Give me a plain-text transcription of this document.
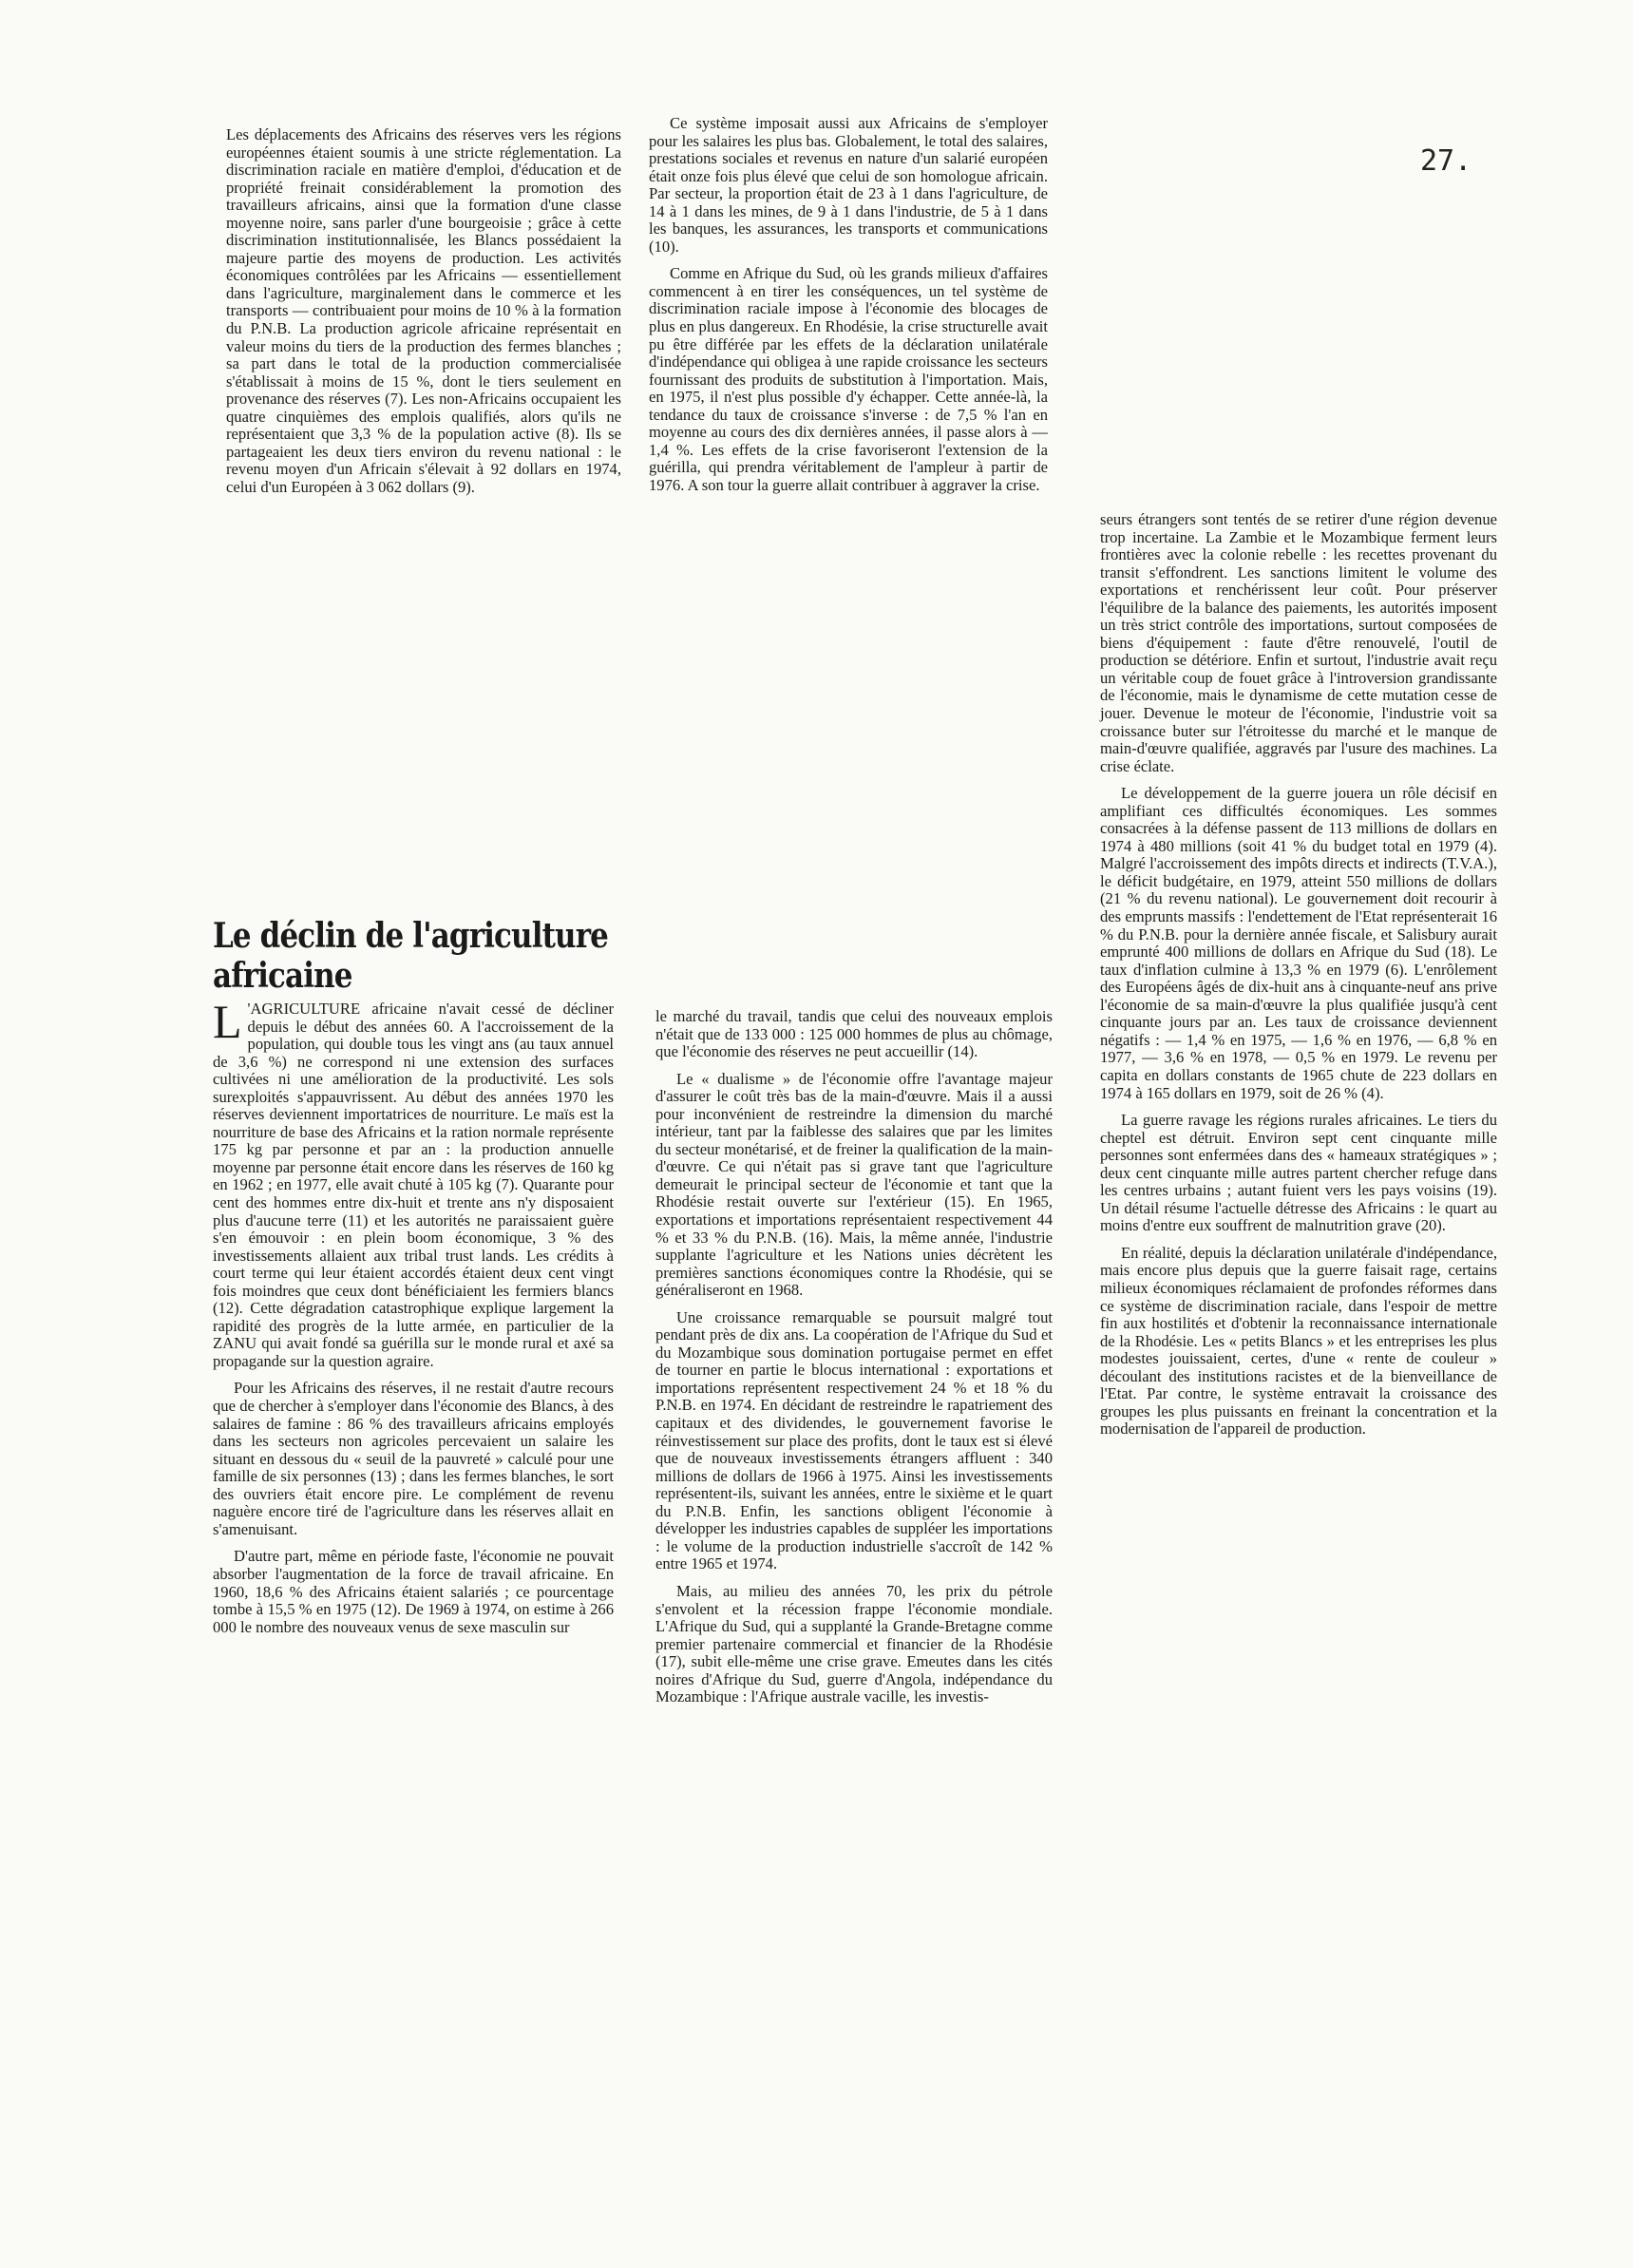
27.

Les déplacements des Africains des réserves vers les régions européennes étaient soumis à une stricte réglementation. La discrimination raciale en matière d'emploi, d'éducation et de propriété freinait considérablement la promotion des travailleurs africains, ainsi que la formation d'une classe moyenne noire, sans parler d'une bourgeoisie ; grâce à cette discrimination institutionnalisée, les Blancs possédaient la majeure partie des moyens de production. Les activités économiques contrôlées par les Africains — essentiellement dans l'agriculture, marginalement dans le commerce et les transports — contribuaient pour moins de 10 % à la formation du P.N.B. La production agricole africaine représentait en valeur moins du tiers de la production des fermes blanches ; sa part dans le total de la production commercialisée s'établissait à moins de 15 %, dont le tiers seulement en provenance des réserves (7). Les non-Africains occupaient les quatre cinquièmes des emplois qualifiés, alors qu'ils ne représentaient que 3,3 % de la population active (8). Ils se partageaient les deux tiers environ du revenu national : le revenu moyen d'un Africain s'élevait à 92 dollars en 1974, celui d'un Européen à 3 062 dollars (9).

Ce système imposait aussi aux Africains de s'employer pour les salaires les plus bas. Globalement, le total des salaires, prestations sociales et revenus en nature d'un salarié européen était onze fois plus élevé que celui de son homologue africain. Par secteur, la proportion était de 23 à 1 dans l'agriculture, de 14 à 1 dans les mines, de 9 à 1 dans l'industrie, de 5 à 1 dans les banques, les assurances, les transports et communications (10).

Comme en Afrique du Sud, où les grands milieux d'affaires commencent à en tirer les conséquences, un tel système de discrimination raciale impose à l'économie des blocages de plus en plus dangereux. En Rhodésie, la crise structurelle avait pu être différée par les effets de la déclaration unilatérale d'indépendance qui obligea à une rapide croissance les secteurs fournissant des produits de substitution à l'importation. Mais, en 1975, il n'est plus possible d'y échapper. Cette année-là, la tendance du taux de croissance s'inverse : de 7,5 % l'an en moyenne au cours des dix dernières années, il passe alors à — 1,4 %. Les effets de la crise favoriseront l'extension de la guérilla, qui prendra véritablement de l'ampleur à partir de 1976. A son tour la guerre allait contribuer à aggraver la crise.

seurs étrangers sont tentés de se retirer d'une région devenue trop incertaine. La Zambie et le Mozambique ferment leurs frontières avec la colonie rebelle : les recettes provenant du transit s'effondrent. Les sanctions limitent le volume des exportations et renchérissent leur coût. Pour préserver l'équilibre de la balance des paiements, les autorités imposent un très strict contrôle des importations, surtout composées de biens d'équipement : faute d'être renouvelé, l'outil de production se détériore. Enfin et surtout, l'industrie avait reçu un véritable coup de fouet grâce à l'introversion grandissante de l'économie, mais le dynamisme de cette mutation cesse de jouer. Devenue le moteur de l'économie, l'industrie voit sa croissance buter sur l'étroitesse du marché et le manque de main-d'œuvre qualifiée, aggravés par l'usure des machines. La crise éclate.

Le développement de la guerre jouera un rôle décisif en amplifiant ces difficultés économiques. Les sommes consacrées à la défense passent de 113 millions de dollars en 1974 à 480 millions (soit 41 % du budget total en 1979 (4). Malgré l'accroissement des impôts directs et indirects (T.V.A.), le déficit budgétaire, en 1979, atteint 550 millions de dollars (21 % du revenu national). Le gouvernement doit recourir à des emprunts massifs : l'endettement de l'Etat représenterait 16 % du P.N.B. pour la dernière année fiscale, et Salisbury aurait emprunté 400 millions de dollars en Afrique du Sud (18). Le taux d'inflation culmine à 13,3 % en 1979 (6). L'enrôlement des Européens âgés de dix-huit ans à cinquante-neuf ans prive l'économie de sa main-d'œuvre la plus qualifiée jusqu'à cent cinquante jours par an. Les taux de croissance deviennent négatifs : — 1,4 % en 1975, — 1,6 % en 1976, — 6,8 % en 1977, — 3,6 % en 1978, — 0,5 % en 1979. Le revenu per capita en dollars constants de 1965 chute de 223 dollars en 1974 à 165 dollars en 1979, soit de 26 % (4).

La guerre ravage les régions rurales africaines. Le tiers du cheptel est détruit. Environ sept cent cinquante mille personnes sont enfermées dans des « hameaux stratégiques » ; deux cent cinquante mille autres partent chercher refuge dans les centres urbains ; autant fuient vers les pays voisins (19). Un détail résume l'actuelle détresse des Africains : le quart au moins d'entre eux souffrent de malnutrition grave (20).

En réalité, depuis la déclaration unilatérale d'indépendance, mais encore plus depuis que la guerre faisait rage, certains milieux économiques réclamaient de profondes réformes dans ce système de discrimination raciale, dans l'espoir de mettre fin aux hostilités et d'obtenir la reconnaissance internationale de la Rhodésie. Les « petits Blancs » et les entreprises les plus modestes jouissaient, certes, d'une « rente de couleur » découlant des institutions racistes et de la bienveillance de l'Etat. Par contre, le système entravait la croissance des groupes les plus puissants en freinant la concentration et la modernisation de l'appareil de production.

Le déclin de l'agriculture africaine

L 'AGRICULTURE africaine n'avait cessé de décliner depuis le début des années 60. A l'accroissement de la population, qui double tous les vingt ans (au taux annuel de 3,6 %) ne correspond ni une extension des surfaces cultivées ni une amélioration de la productivité. Les sols surexploités s'appauvrissent. Au début des années 1970 les réserves deviennent importatrices de nourriture. Le maïs est la nourriture de base des Africains et la ration normale représente 175 kg par personne et par an : la production annuelle moyenne par personne était encore dans les réserves de 160 kg en 1962 ; en 1977, elle avait chuté à 105 kg (7). Quarante pour cent des hommes entre dix-huit et trente ans n'y disposaient plus d'aucune terre (11) et les autorités ne paraissaient guère s'en émouvoir : en plein boom économique, 3 % des investissements allaient aux tribal trust lands. Les crédits à court terme qui leur étaient accordés étaient deux cent vingt fois moindres que ceux dont bénéficiaient les fermiers blancs (12). Cette dégradation catastrophique explique largement la rapidité des progrès de la lutte armée, en particulier de la ZANU qui avait fondé sa guérilla sur le monde rural et axé sa propagande sur la question agraire.

Pour les Africains des réserves, il ne restait d'autre recours que de chercher à s'employer dans l'économie des Blancs, à des salaires de famine : 86 % des travailleurs africains employés dans les secteurs non agricoles percevaient un salaire les situant en dessous du « seuil de la pauvreté » calculé pour une famille de six personnes (13) ; dans les fermes blanches, le sort des ouvriers était encore pire. Le complément de revenu naguère encore tiré de l'agriculture dans les réserves allait en s'amenuisant.

D'autre part, même en période faste, l'économie ne pouvait absorber l'augmentation de la force de travail africaine. En 1960, 18,6 % des Africains étaient salariés ; ce pourcentage tombe à 15,5 % en 1975 (12). De 1969 à 1974, on estime à 266 000 le nombre des nouveaux venus de sexe masculin sur

le marché du travail, tandis que celui des nouveaux emplois n'était que de 133 000 : 125 000 hommes de plus au chômage, que l'économie des réserves ne peut accueillir (14).

Le « dualisme » de l'économie offre l'avantage majeur d'assurer le coût très bas de la main-d'œuvre. Mais il a aussi pour inconvénient de restreindre la dimension du marché intérieur, tant par la faiblesse des salaires que par les limites du secteur monétarisé, et de freiner la qualification de la main-d'œuvre. Ce qui n'était pas si grave tant que l'agriculture demeurait le principal secteur de l'économie et tant que la Rhodésie restait ouverte sur l'extérieur (15). En 1965, exportations et importations représentaient respectivement 44 % et 33 % du P.N.B. (16). Mais, la même année, l'industrie supplante l'agriculture et les Nations unies décrètent les premières sanctions économiques contre la Rhodésie, qui se généraliseront en 1968.

Une croissance remarquable se poursuit malgré tout pendant près de dix ans. La coopération de l'Afrique du Sud et du Mozambique sous domination portugaise permet en effet de tourner en partie le blocus international : exportations et importations représentent respectivement 24 % et 18 % du P.N.B. en 1974. En décidant de restreindre le rapatriement des capitaux et des dividendes, le gouvernement favorise le réinvestissement sur place des profits, dont le taux est si élevé que de nouveaux investissements étrangers affluent : 340 millions de dollars de 1966 à 1975. Ainsi les investissements représentent-ils, suivant les années, entre le sixième et le quart du P.N.B. Enfin, les sanctions obligent l'économie à développer les industries capables de suppléer les importations : le volume de la production industrielle s'accroît de 142 % entre 1965 et 1974.

Mais, au milieu des années 70, les prix du pétrole s'envolent et la récession frappe l'économie mondiale. L'Afrique du Sud, qui a supplanté la Grande-Bretagne comme premier partenaire commercial et financier de la Rhodésie (17), subit elle-même une crise grave. Emeutes dans les cités noires d'Afrique du Sud, guerre d'Angola, indépendance du Mozambique : l'Afrique australe vacille, les investis-
